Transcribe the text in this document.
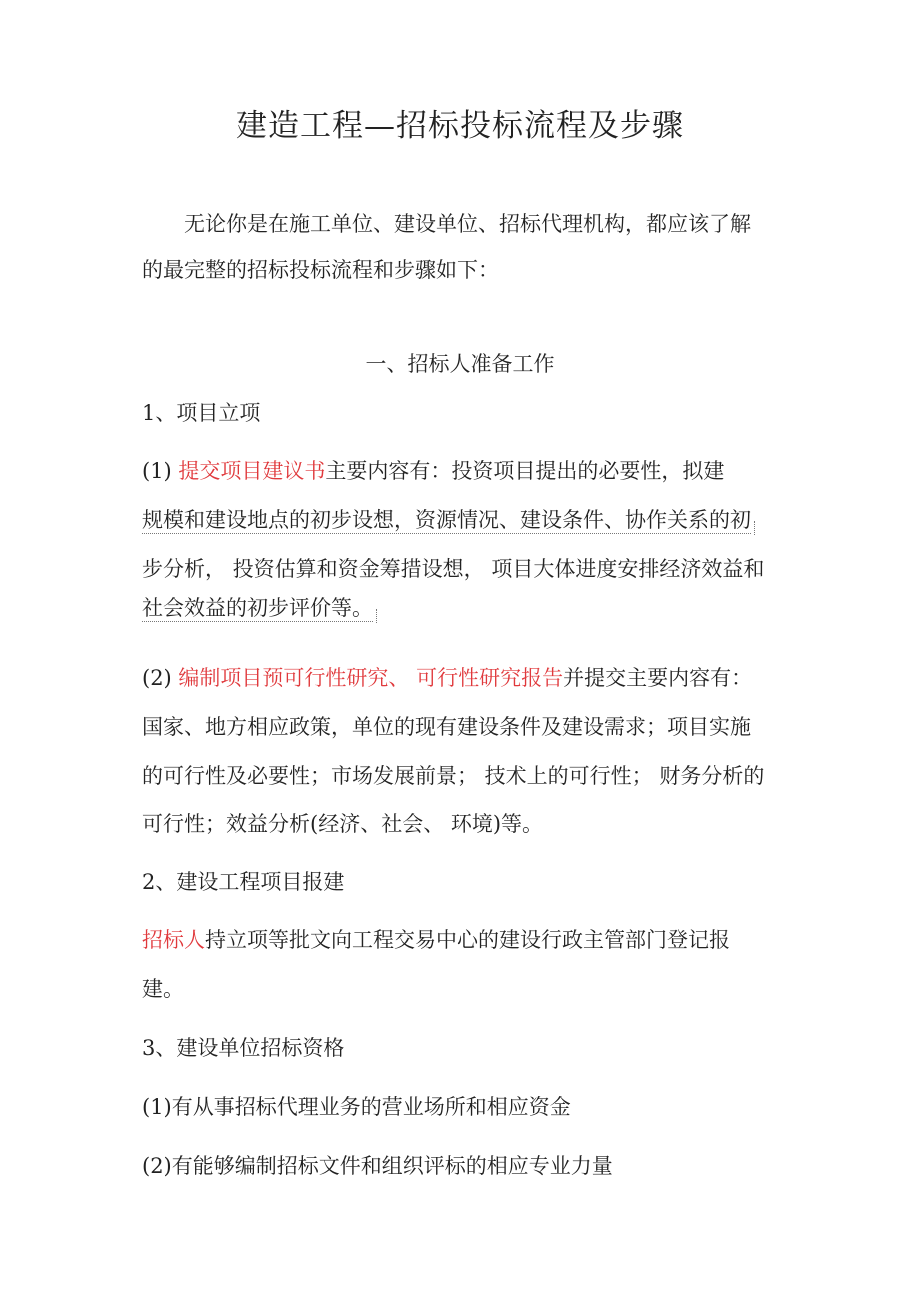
建造工程—招标投标流程及步骤
无论你是在施工单位、建设单位、招标代理机构，都应该了解
的最完整的招标投标流程和步骤如下：
一、招标人准备工作
1、项目立项
(1) 提交项目建议书主要内容有：投资项目提出的必要性，拟建
规模和建设地点的初步设想，资源情况、建设条件、协作关系的初
步分析， 投资估算和资金筹措设想， 项目大体进度安排经济效益和
社会效益的初步评价等。
(2) 编制项目预可行性研究、 可行性研究报告并提交主要内容有：
国家、地方相应政策，单位的现有建设条件及建设需求；项目实施
的可行性及必要性；市场发展前景； 技术上的可行性； 财务分析的
可行性；效益分析(经济、社会、 环境)等。
2、建设工程项目报建
招标人持立项等批文向工程交易中心的建设行政主管部门登记报
建。
3、建设单位招标资格
(1)有从事招标代理业务的营业场所和相应资金
(2)有能够编制招标文件和组织评标的相应专业力量
